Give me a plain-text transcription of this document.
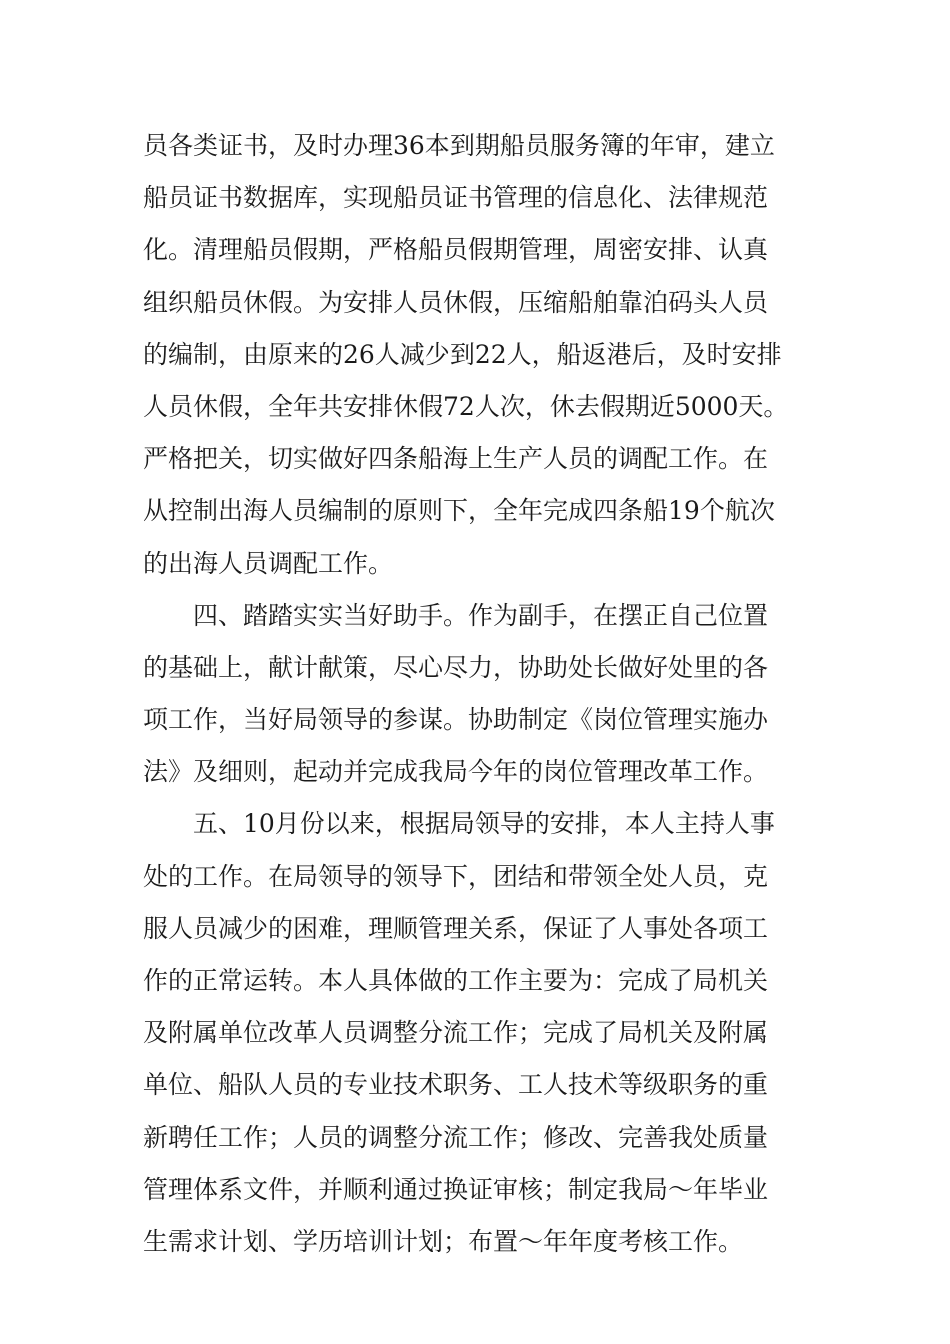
员各类证书，及时办理36本到期船员服务簿的年审，建立
船员证书数据库，实现船员证书管理的信息化、法律规范
化。清理船员假期，严格船员假期管理，周密安排、认真
组织船员休假。为安排人员休假，压缩船舶靠泊码头人员
的编制，由原来的26人减少到22人，船返港后，及时安排
人员休假，全年共安排休假72人次，休去假期近5000天。
严格把关，切实做好四条船海上生产人员的调配工作。在
从控制出海人员编制的原则下，全年完成四条船19个航次
的出海人员调配工作。
　　四、踏踏实实当好助手。作为副手，在摆正自己位置
的基础上，献计献策，尽心尽力，协助处长做好处里的各
项工作，当好局领导的参谋。协助制定《岗位管理实施办
法》及细则，起动并完成我局今年的岗位管理改革工作。
　　五、10月份以来，根据局领导的安排，本人主持人事
处的工作。在局领导的领导下，团结和带领全处人员，克
服人员减少的困难，理顺管理关系，保证了人事处各项工
作的正常运转。本人具体做的工作主要为：完成了局机关
及附属单位改革人员调整分流工作；完成了局机关及附属
单位、船队人员的专业技术职务、工人技术等级职务的重
新聘任工作；人员的调整分流工作；修改、完善我处质量
管理体系文件，并顺利通过换证审核；制定我局～年毕业
生需求计划、学历培训计划；布置～年年度考核工作。
